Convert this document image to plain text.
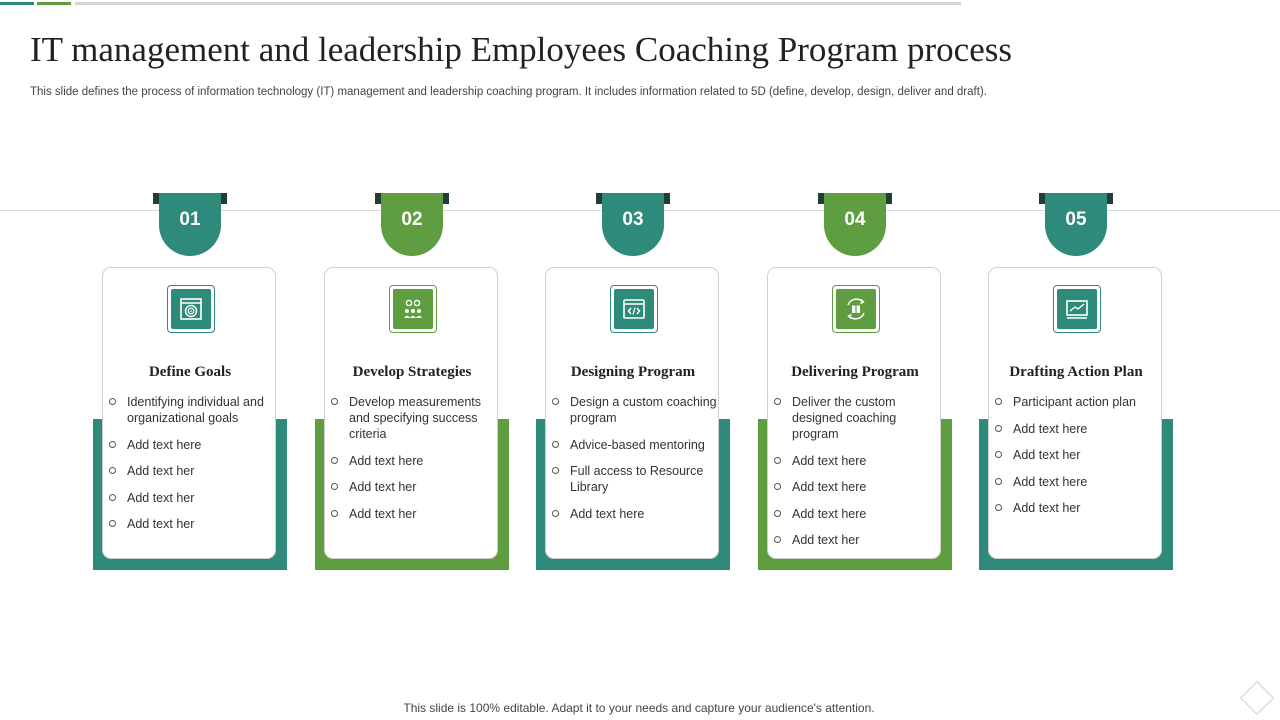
IT management and leadership Employees Coaching Program process
This slide defines the process of information technology (IT) management and leadership coaching program. It includes information related to 5D (define, develop, design, deliver and draft).
01
Define Goals
Identifying individual and organizational goals
Add text here
Add text her
Add text her
Add text her
02
Develop Strategies
Develop measurements and specifying success criteria
Add text here
Add text her
Add text her
03
Designing Program
Design a custom coaching program
Advice-based mentoring
Full access to Resource Library
Add text here
04
Delivering Program
Deliver the custom designed coaching program
Add text here
Add text here
Add text here
Add text her
05
Drafting Action Plan
Participant action plan
Add text here
Add text her
Add text here
Add text her
This slide is 100% editable. Adapt it to your needs and capture your audience's attention.
